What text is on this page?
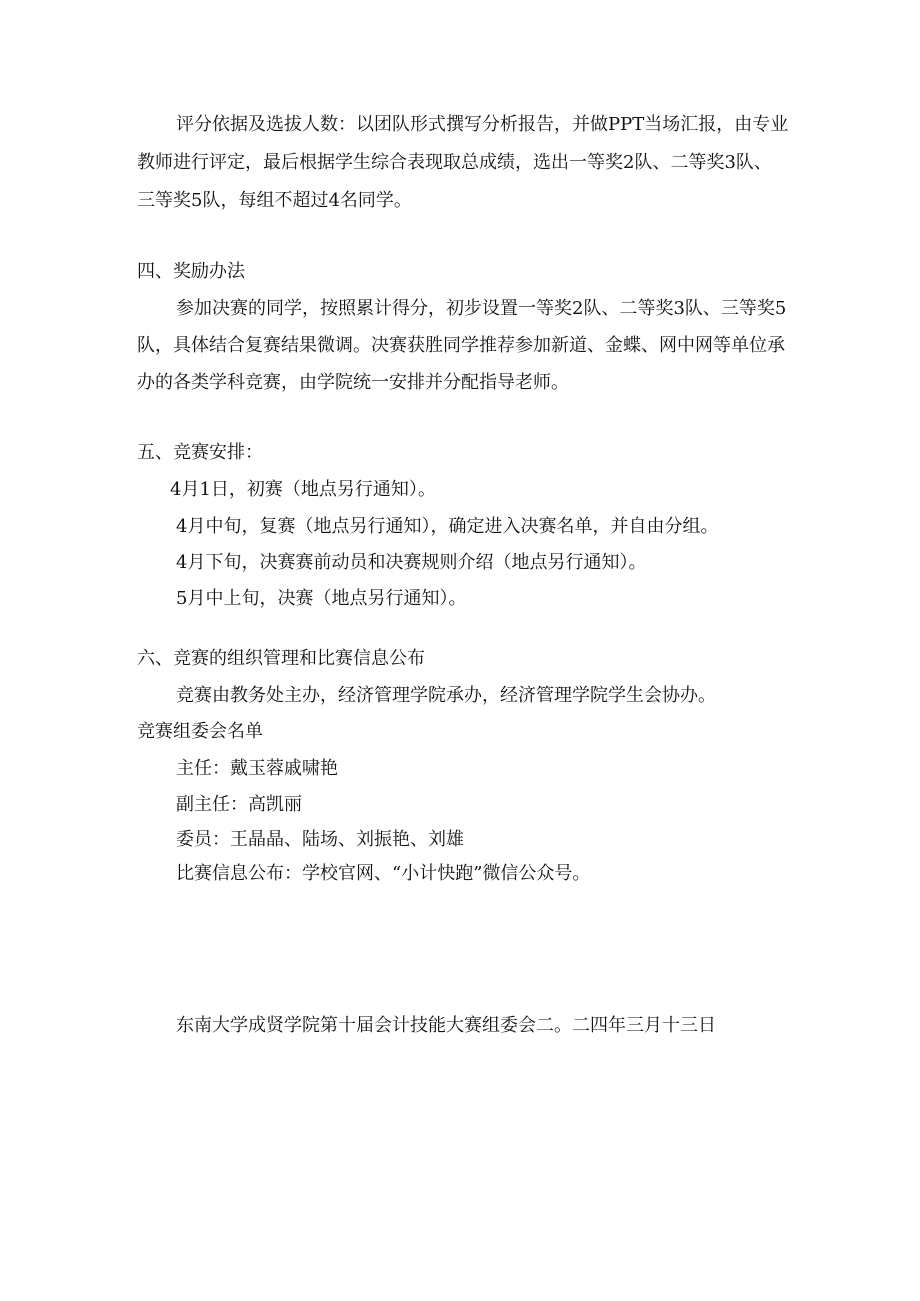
评分依据及选拔人数：以团队形式撰写分析报告，并做PPT当场汇报，由专业
教师进行评定，最后根据学生综合表现取总成绩，选出一等奖2队、二等奖3队、
三等奖5队，每组不超过4名同学。
四、奖励办法
参加决赛的同学，按照累计得分，初步设置一等奖2队、二等奖3队、三等奖5
队，具体结合复赛结果微调。决赛获胜同学推荐参加新道、金蝶、网中网等单位承
办的各类学科竞赛，由学院统一安排并分配指导老师。
五、竞赛安排：
4月1日，初赛（地点另行通知）。
4月中旬，复赛（地点另行通知），确定进入决赛名单，并自由分组。
4月下旬，决赛赛前动员和决赛规则介绍（地点另行通知）。
5月中上旬，决赛（地点另行通知）。
六、竞赛的组织管理和比赛信息公布
竞赛由教务处主办，经济管理学院承办，经济管理学院学生会协办。
竞赛组委会名单
主任：戴玉蓉戚啸艳
副主任：高凯丽
委员：王晶晶、陆场、刘振艳、刘雄
比赛信息公布：学校官网、“小计快跑”微信公众号。
东南大学成贤学院第十届会计技能大赛组委会二。二四年三月十三日
